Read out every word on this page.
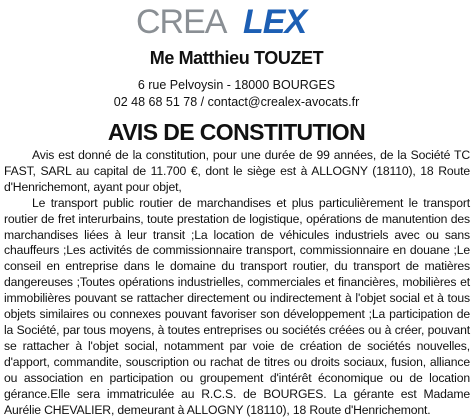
CREA LEX
Me Matthieu TOUZET
6 rue Pelvoysin - 18000 BOURGES
02 48 68 51 78 / contact@crealex-avocats.fr
AVIS DE CONSTITUTION

Avis est donné de la constitution, pour une durée de 99 années, de la Société TC FAST, SARL au capital de 11.700 €, dont le siège est à ALLOGNY (18110), 18 Route d'Henrichemont, ayant pour objet,

Le transport public routier de marchandises et plus particulièrement le transport routier de fret interurbains, toute prestation de logistique, opérations de manutention des marchandises liées à leur transit ;La location de véhicules industriels avec ou sans chauffeurs ;Les activités de commissionnaire transport, commissionnaire en douane ;Le conseil en entreprise dans le domaine du transport routier, du transport de matières dangereuses ;Toutes opérations industrielles, commerciales et financières, mobilières et immobilières pouvant se rattacher directement ou indirectement à l'objet social et à tous objets similaires ou connexes pouvant favoriser son développement ;La participation de la Société, par tous moyens, à toutes entreprises ou sociétés créées ou à créer, pouvant se rattacher à l'objet social, notamment par voie de création de sociétés nouvelles, d'apport, commandite, souscription ou rachat de titres ou droits sociaux, fusion, alliance ou association en participation ou groupement d'intérêt économique ou de location gérance.Elle sera immatriculée au R.C.S. de BOURGES. La gérante est Madame Aurélie CHEVALIER, demeurant à ALLOGNY (18110), 18 Route d'Henrichemont.
